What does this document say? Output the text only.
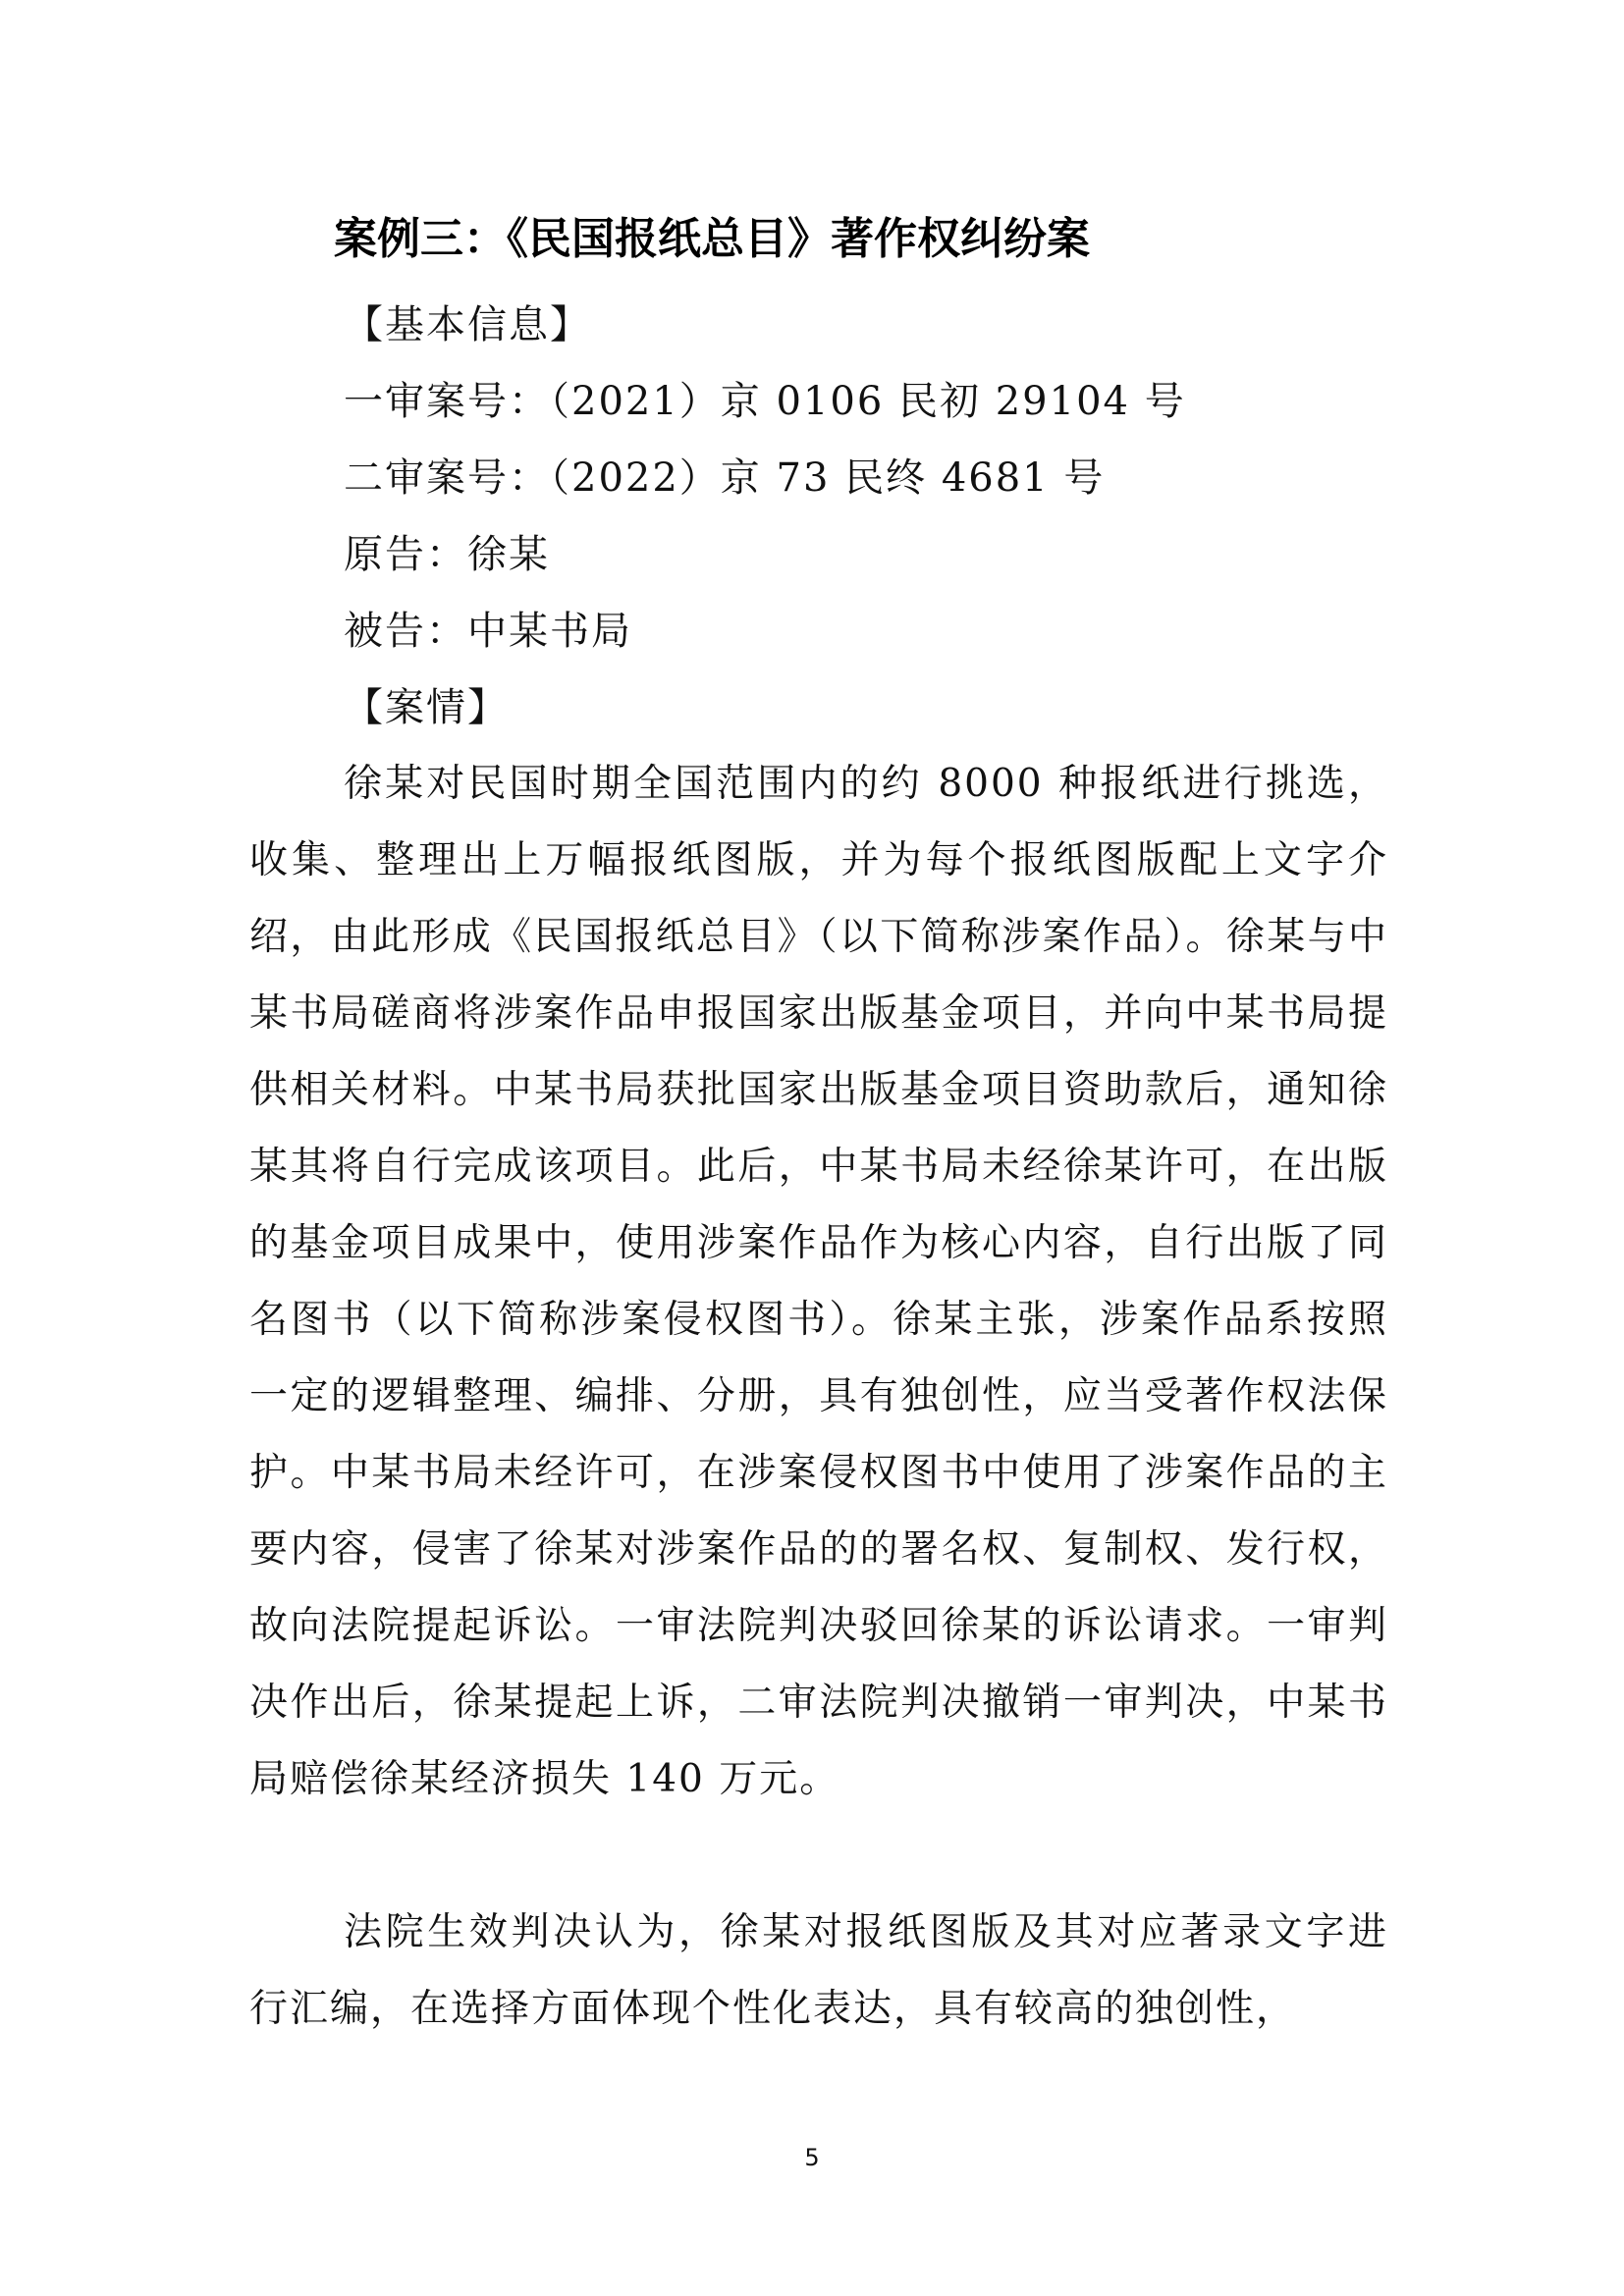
案例三：《民国报纸总目》著作权纠纷案
【基本信息】
一审案号：（2021）京 0106 民初 29104 号
二审案号：（2022）京 73 民终 4681 号
原告：徐某
被告：中某书局
【案情】

徐某对民国时期全国范围内的约 8000 种报纸进行挑选，收集、整理出上万幅报纸图版，并为每个报纸图版配上文字介绍，由此形成《民国报纸总目》（以下简称涉案作品）。徐某与中某书局磋商将涉案作品申报国家出版基金项目，并向中某书局提供相关材料。中某书局获批国家出版基金项目资助款后，通知徐某其将自行完成该项目。此后，中某书局未经徐某许可，在出版的基金项目成果中，使用涉案作品作为核心内容，自行出版了同名图书（以下简称涉案侵权图书）。徐某主张，涉案作品系按照一定的逻辑整理、编排、分册，具有独创性，应当受著作权法保护。中某书局未经许可，在涉案侵权图书中使用了涉案作品的主要内容，侵害了徐某对涉案作品的的署名权、复制权、发行权，故向法院提起诉讼。一审法院判决驳回徐某的诉讼请求。一审判决作出后，徐某提起上诉，二审法院判决撤销一审判决，中某书局赔偿徐某经济损失 140 万元。

法院生效判决认为，徐某对报纸图版及其对应著录文字进行汇编，在选择方面体现个性化表达，具有较高的独创性，

5
